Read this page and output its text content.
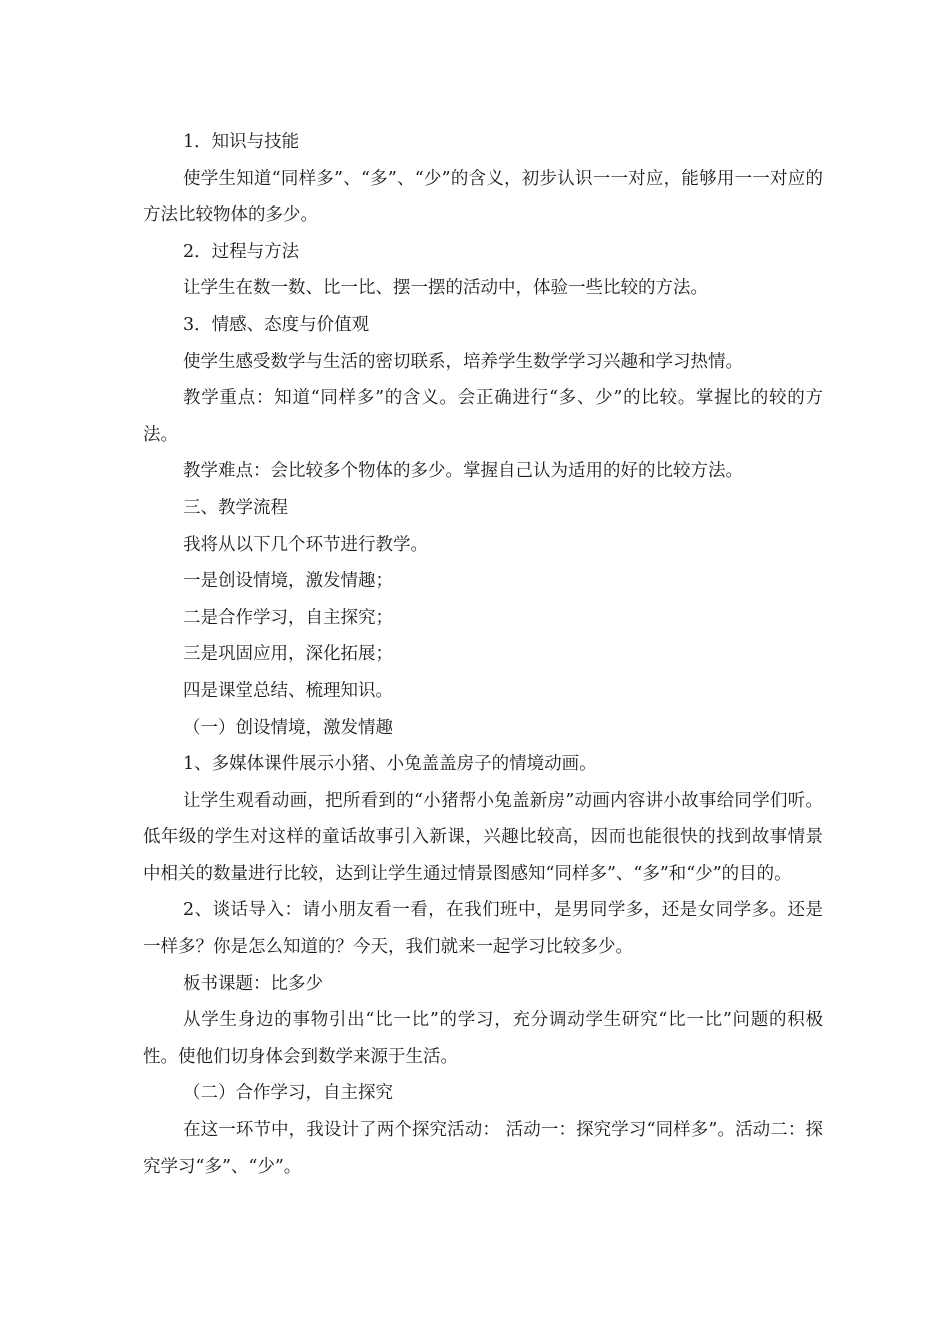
1．知识与技能

使学生知道“同样多”、“多”、“少”的含义，初步认识一一对应，能够用一一对应的方法比较物体的多少。

2．过程与方法

让学生在数一数、比一比、摆一摆的活动中，体验一些比较的方法。

3．情感、态度与价值观

使学生感受数学与生活的密切联系，培养学生数学学习兴趣和学习热情。

教学重点：知道“同样多”的含义。会正确进行“多、少”的比较。掌握比的较的方法。

教学难点：会比较多个物体的多少。掌握自己认为适用的好的比较方法。

三、教学流程

我将从以下几个环节进行教学。

一是创设情境，激发情趣；

二是合作学习，自主探究；

三是巩固应用，深化拓展；

四是课堂总结、梳理知识。

（一）创设情境，激发情趣

1、多媒体课件展示小猪、小兔盖盖房子的情境动画。

让学生观看动画，把所看到的“小猪帮小兔盖新房”动画内容讲小故事给同学们听。低年级的学生对这样的童话故事引入新课，兴趣比较高，因而也能很快的找到故事情景中相关的数量进行比较，达到让学生通过情景图感知“同样多”、“多”和“少”的目的。

2、谈话导入：请小朋友看一看，在我们班中，是男同学多，还是女同学多。还是一样多？你是怎么知道的？今天，我们就来一起学习比较多少。

板书课题：比多少

从学生身边的事物引出“比一比”的学习，充分调动学生研究“比一比”问题的积极性。使他们切身体会到数学来源于生活。

（二）合作学习，自主探究

在这一环节中，我设计了两个探究活动： 活动一：探究学习“同样多”。活动二：探究学习“多”、“少”。
